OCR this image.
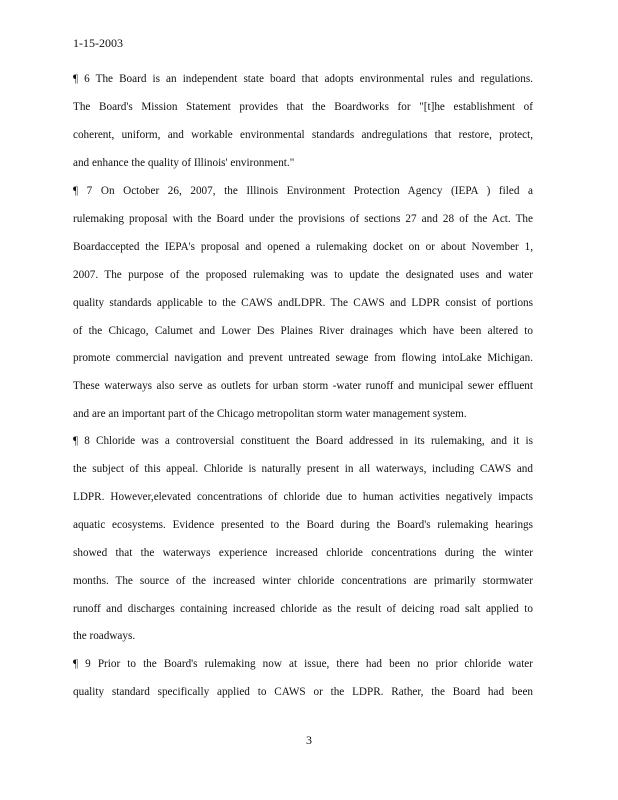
1-15-2003
¶ 6 The Board is an independent state board that adopts environmental rules and regulations.
The Board's Mission Statement provides that the Boardworks for "[t]he establishment of
coherent, uniform, and workable environmental standards andregulations that restore, protect,
and enhance the quality of Illinois' environment."
¶ 7 On October 26, 2007, the Illinois Environment Protection Agency (IEPA ) filed a
rulemaking proposal with the Board under the provisions of sections 27 and 28 of the Act. The
Boardaccepted the IEPA's proposal and opened a rulemaking docket on or about November 1,
2007. The purpose of the proposed rulemaking was to update the designated uses and water
quality standards applicable to the CAWS andLDPR. The CAWS and LDPR consist of portions
of the Chicago, Calumet and Lower Des Plaines River drainages which have been altered to
promote commercial navigation and prevent untreated sewage from flowing intoLake Michigan.
These waterways also serve as outlets for urban storm -water runoff and municipal sewer effluent
and are an important part of the Chicago metropolitan storm water management system.
¶ 8 Chloride was a controversial constituent the Board addressed in its rulemaking, and it is
the subject of this appeal. Chloride is naturally present in all waterways, including CAWS and
LDPR. However,elevated concentrations of chloride due to human activities negatively impacts
aquatic ecosystems. Evidence presented to the Board during the Board's rulemaking hearings
showed that the waterways experience increased chloride concentrations during the winter
months. The source of the increased winter chloride concentrations are primarily stormwater
runoff and discharges containing increased chloride as the result of deicing road salt applied to
the roadways.
¶ 9 Prior to the Board's rulemaking now at issue, there had been no prior chloride water
quality standard specifically applied to CAWS or the LDPR. Rather, the Board had been
3
